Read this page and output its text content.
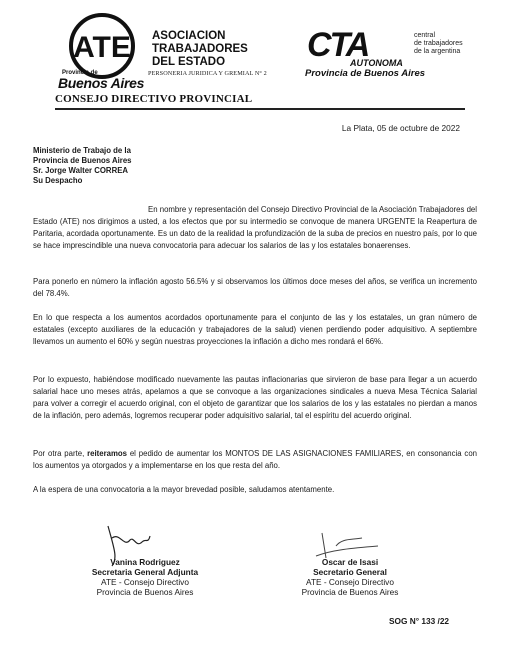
ATE
Provincia de
Buenos Aires
ASOCIACION
TRABAJADORES
DEL ESTADO
PERSONERIA JURIDICA Y GREMIAL N° 2
CONSEJO DIRECTIVO PROVINCIAL
CTA	central
de trabajadores
de la argentina
AUTONOMA
Provincia de Buenos Aires
La Plata, 05 de octubre de 2022
Ministerio de Trabajo de la
Provincia de Buenos Aires
Sr. Jorge Walter CORREA
Su Despacho
En nombre y representación del Consejo Directivo Provincial de la Asociación Trabajadores del Estado (ATE) nos dirigimos a usted, a los efectos que por su intermedio se convoque de manera URGENTE la Reapertura de Paritaria, acordada oportunamente. Es un dato de la realidad la profundización de la suba de precios en nuestro país, por lo que se hace imprescindible una nueva convocatoria para adecuar los salarios de las y los estatales bonaerenses.
Para ponerlo en número la inflación agosto 56.5% y si observamos los últimos doce meses del años, se verifica un incremento del 78.4%.
En lo que respecta a los aumentos acordados oportunamente para el conjunto de las y los estatales, un gran número de estatales (excepto auxiliares de la educación y trabajadores de la salud) vienen perdiendo poder adquisitivo. A septiembre llevamos un aumento el 60% y según nuestras proyecciones la inflación a dicho mes rondará el 66%.
Por lo expuesto, habiéndose modificado nuevamente las pautas inflacionarias que sirvieron de base para llegar a un acuerdo salarial hace uno meses atrás, apelamos a que se convoque a las organizaciones sindicales a nueva Mesa Técnica Salarial para volver a corregir el acuerdo original, con el objeto de garantizar que los salarios de los y las estatales no pierdan a manos de la inflación, pero además, logremos recuperar poder adquisitivo salarial, tal el espíritu del acuerdo original.
Por otra parte, reiteramos el pedido de aumentar los MONTOS DE LAS ASIGNACIONES FAMILIARES, en consonancia con los aumentos ya otorgados y a implementarse en los que resta del año.
A la espera de una convocatoria a la mayor brevedad posible, saludamos atentamente.
Vanina Rodriguez
Secretaria General Adjunta
ATE - Consejo Directivo
Provincia de Buenos Aires
Oscar de Isasi
Secretario General
ATE - Consejo Directivo
Provincia de Buenos Aires
SOG N° 133 /22
